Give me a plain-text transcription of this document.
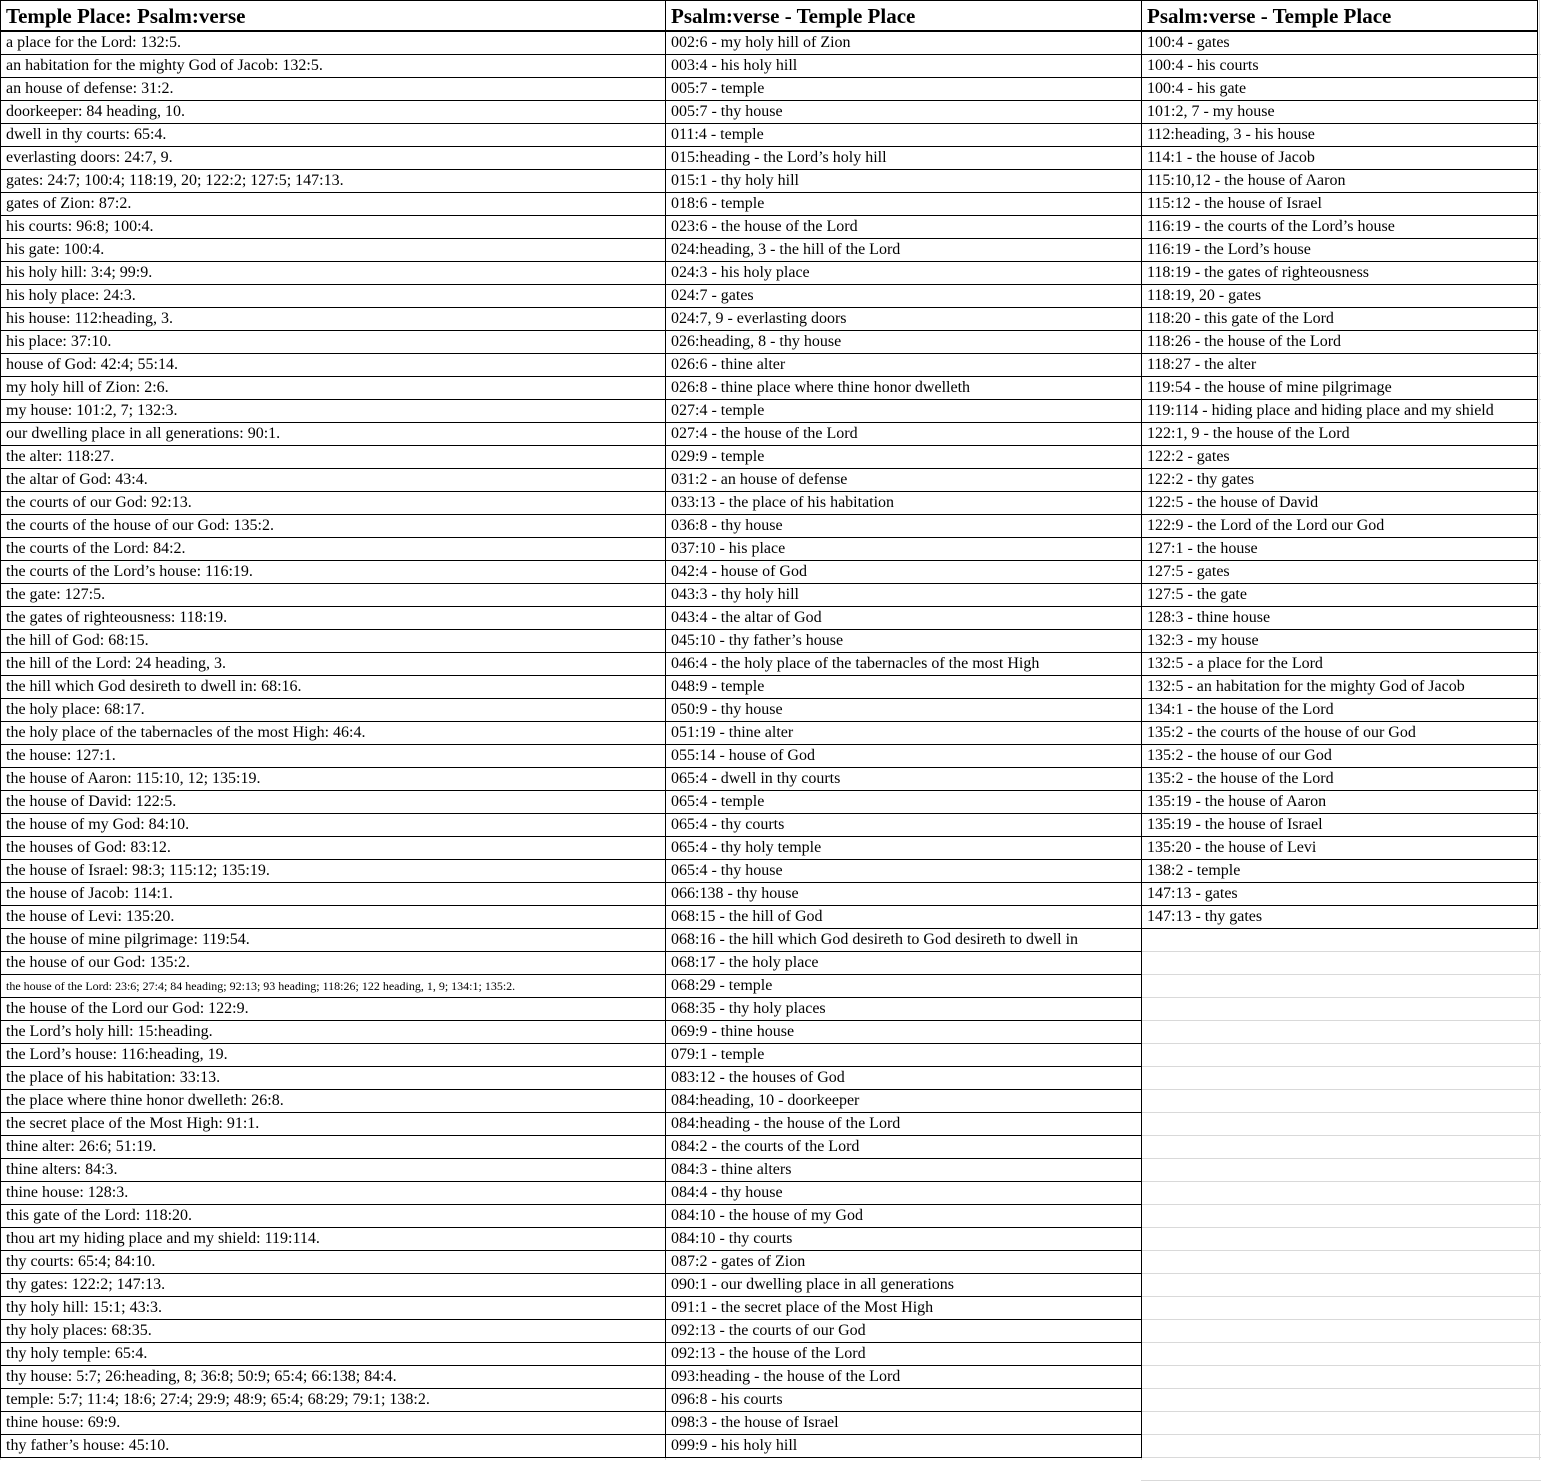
Temple Place: Psalm:verse
a place for the Lord: 132:5.
an habitation for the mighty God of Jacob: 132:5.
an house of defense: 31:2.
doorkeeper: 84 heading, 10.
dwell in thy courts: 65:4.
everlasting doors: 24:7, 9.
gates: 24:7; 100:4; 118:19, 20; 122:2; 127:5; 147:13.
gates of Zion: 87:2.
his courts: 96:8; 100:4.
his gate: 100:4.
his holy hill: 3:4; 99:9.
his holy place: 24:3.
his house: 112:heading, 3.
his place: 37:10.
house of God: 42:4; 55:14.
my holy hill of Zion: 2:6.
my house: 101:2, 7; 132:3.
our dwelling place in all generations: 90:1.
the alter: 118:27.
the altar of God: 43:4.
the courts of our God: 92:13.
the courts of the house of our God: 135:2.
the courts of the Lord: 84:2.
the courts of the Lord’s house: 116:19.
the gate: 127:5.
the gates of righteousness: 118:19.
the hill of God: 68:15.
the hill of the Lord: 24 heading, 3.
the hill which God desireth to dwell in: 68:16.
the holy place: 68:17.
the holy place of the tabernacles of the most High: 46:4.
the house: 127:1.
the house of Aaron: 115:10, 12; 135:19.
the house of David: 122:5.
the house of my God: 84:10.
the houses of God: 83:12.
the house of Israel: 98:3; 115:12; 135:19.
the house of Jacob: 114:1.
the house of Levi: 135:20.
the house of mine pilgrimage: 119:54.
the house of our God: 135:2.
the house of the Lord: 23:6; 27:4; 84 heading; 92:13; 93 heading; 118:26; 122 heading, 1, 9; 134:1; 135:2.
the house of the Lord our God: 122:9.
the Lord’s holy hill: 15:heading.
the Lord’s house: 116:heading, 19.
the place of his habitation: 33:13.
the place where thine honor dwelleth: 26:8.
the secret place of the Most High: 91:1.
thine alter: 26:6; 51:19.
thine alters: 84:3.
thine house: 128:3.
this gate of the Lord: 118:20.
thou art my hiding place and my shield: 119:114.
thy courts: 65:4; 84:10.
thy gates: 122:2; 147:13.
thy holy hill: 15:1; 43:3.
thy holy places: 68:35.
thy holy temple: 65:4.
thy house: 5:7; 26:heading, 8; 36:8; 50:9; 65:4; 66:138; 84:4.
temple: 5:7; 11:4; 18:6; 27:4; 29:9; 48:9; 65:4; 68:29; 79:1; 138:2.
thine house: 69:9.
thy father’s house: 45:10.
Psalm:verse - Temple Place
002:6 - my holy hill of Zion
003:4 - his holy hill
005:7 - temple
005:7 - thy house
011:4 - temple
015:heading - the Lord’s holy hill
015:1 - thy holy hill
018:6 - temple
023:6 - the house of the Lord
024:heading, 3 - the hill of the Lord
024:3 - his holy place
024:7 - gates
024:7, 9 - everlasting doors
026:heading, 8 - thy house
026:6 - thine alter
026:8 - thine place where thine honor dwelleth
027:4 - temple
027:4 - the house of the Lord
029:9 - temple
031:2 - an house of defense
033:13 - the place of his habitation
036:8 - thy house
037:10 - his place
042:4 - house of God
043:3 - thy holy hill
043:4 - the altar of God
045:10 - thy father’s house
046:4 - the holy place of the tabernacles of the most High
048:9 - temple
050:9 - thy house
051:19 - thine alter
055:14 - house of God
065:4 - dwell in thy courts
065:4 - temple
065:4 - thy courts
065:4 - thy holy temple
065:4 - thy house
066:138 - thy house
068:15 - the hill of God
068:16 - the hill which God desireth to God desireth to dwell in
068:17 - the holy place
068:29 - temple
068:35 - thy holy places
069:9 - thine house
079:1 - temple
083:12 - the houses of God
084:heading, 10 - doorkeeper
084:heading - the house of the Lord
084:2 - the courts of the Lord
084:3 - thine alters
084:4 - thy house
084:10 - the house of my God
084:10 - thy courts
087:2 - gates of Zion
090:1 - our dwelling place in all generations
091:1 - the secret place of the Most High
092:13 - the courts of our God
092:13 - the house of the Lord
093:heading - the house of the Lord
096:8 - his courts
098:3 - the house of Israel
099:9 - his holy hill
Psalm:verse - Temple Place
100:4 - gates
100:4 - his courts
100:4 - his gate
101:2, 7 - my house
112:heading, 3 - his house
114:1 - the house of Jacob
115:10,12 - the house of Aaron
115:12 - the house of Israel
116:19 - the courts of the Lord’s house
116:19 - the Lord’s house
118:19 - the gates of righteousness
118:19, 20 - gates
118:20 - this gate of the Lord
118:26 - the house of the Lord
118:27 - the alter
119:54 - the house of mine pilgrimage
119:114 - hiding place and hiding place and my shield
122:1, 9 - the house of the Lord
122:2 - gates
122:2 - thy gates
122:5 - the house of David
122:9 - the Lord of the Lord our God
127:1 - the house
127:5 - gates
127:5 - the gate
128:3 - thine house
132:3 - my house
132:5 - a place for the Lord
132:5 - an habitation for the mighty God of Jacob
134:1 - the house of the Lord
135:2 - the courts of the house of our God
135:2 - the house of our God
135:2 - the house of the Lord
135:19 - the house of Aaron
135:19 - the house of Israel
135:20 - the house of Levi
138:2 - temple
147:13 - gates
147:13 - thy gates
